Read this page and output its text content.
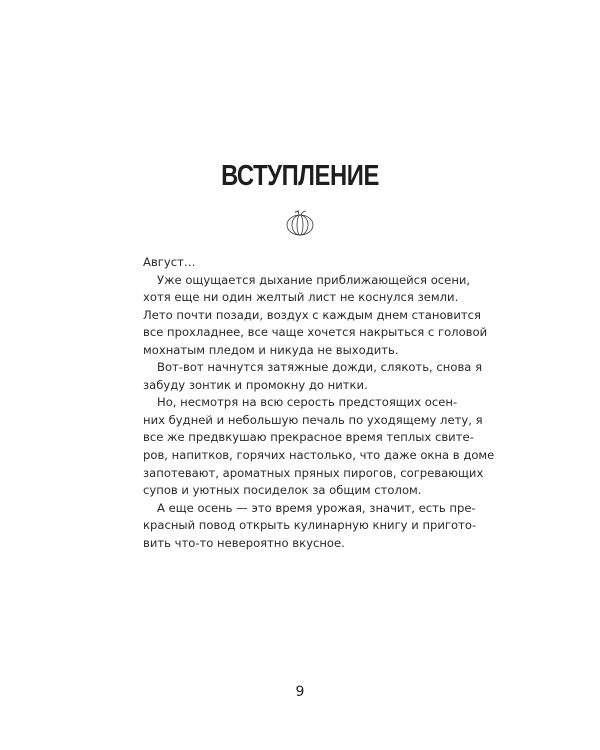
ВСТУПЛЕНИЕ
Август…
Уже ощущается дыхание приближающейся осени,
хотя еще ни один желтый лист не коснулся земли.
Лето почти позади, воздух с каждым днем становится
все прохладнее, все чаще хочется накрыться с головой
мохнатым пледом и никуда не выходить.
Вот-вот начнутся затяжные дожди, слякоть, снова я
забуду зонтик и промокну до нитки.
Но, несмотря на всю серость предстоящих осен-
них будней и небольшую печаль по уходящему лету, я
все же предвкушаю прекрасное время теплых свите-
ров, напитков, горячих настолько, что даже окна в доме
запотевают, ароматных пряных пирогов, согревающих
супов и уютных посиделок за общим столом.
А еще осень — это время урожая, значит, есть пре-
красный повод открыть кулинарную книгу и пригото-
вить что-то невероятно вкусное.
9
